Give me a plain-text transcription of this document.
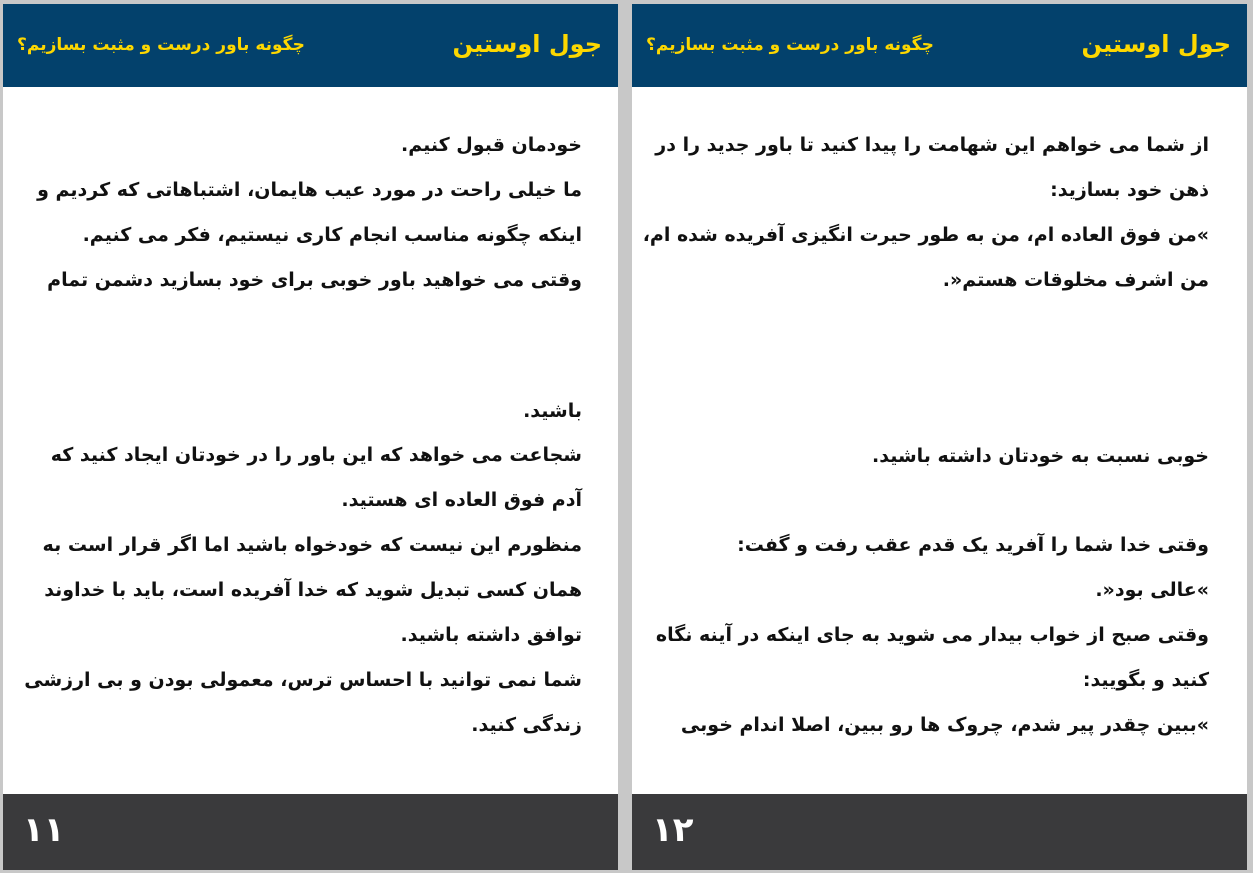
جول اوستین
چگونه باور درست و مثبت بسازیم؟
خودمان قبول کنیم.
ما خیلی راحت در مورد عیب هایمان، اشتباهاتی که کردیم و
اینکه چگونه مناسب انجام کاری نیستیم، فکر می کنیم.
وقتی می خواهید باور خوبی برای خود بسازید دشمن تمام
باشید.
شجاعت می خواهد که این باور را در خودتان ایجاد کنید که
آدم فوق العاده ای هستید.
منظورم این نیست که خودخواه باشید اما اگر قرار است به
همان کسی تبدیل شوید که خدا آفریده است، باید با خداوند
توافق داشته باشید.
شما نمی توانید با احساس ترس، معمولی بودن و بی ارزشی
زندگی کنید.
۱۱
جول اوستین
چگونه باور درست و مثبت بسازیم؟
از شما می خواهم این شهامت را پیدا کنید تا باور جدید را در
ذهن خود بسازید:
»من فوق العاده ام، من به طور حیرت انگیزی آفریده شده ام،
من اشرف مخلوقات هستم«.
خوبی نسبت به خودتان داشته باشید.
وقتی خدا شما را آفرید یک قدم عقب رفت و گفت:
»عالی بود«.
وقتی صبح از خواب بیدار می شوید به جای اینکه در آینه نگاه
کنید و بگویید:
»ببین چقدر پیر شدم، چروک ها رو ببین، اصلا اندام خوبی
۱۲
